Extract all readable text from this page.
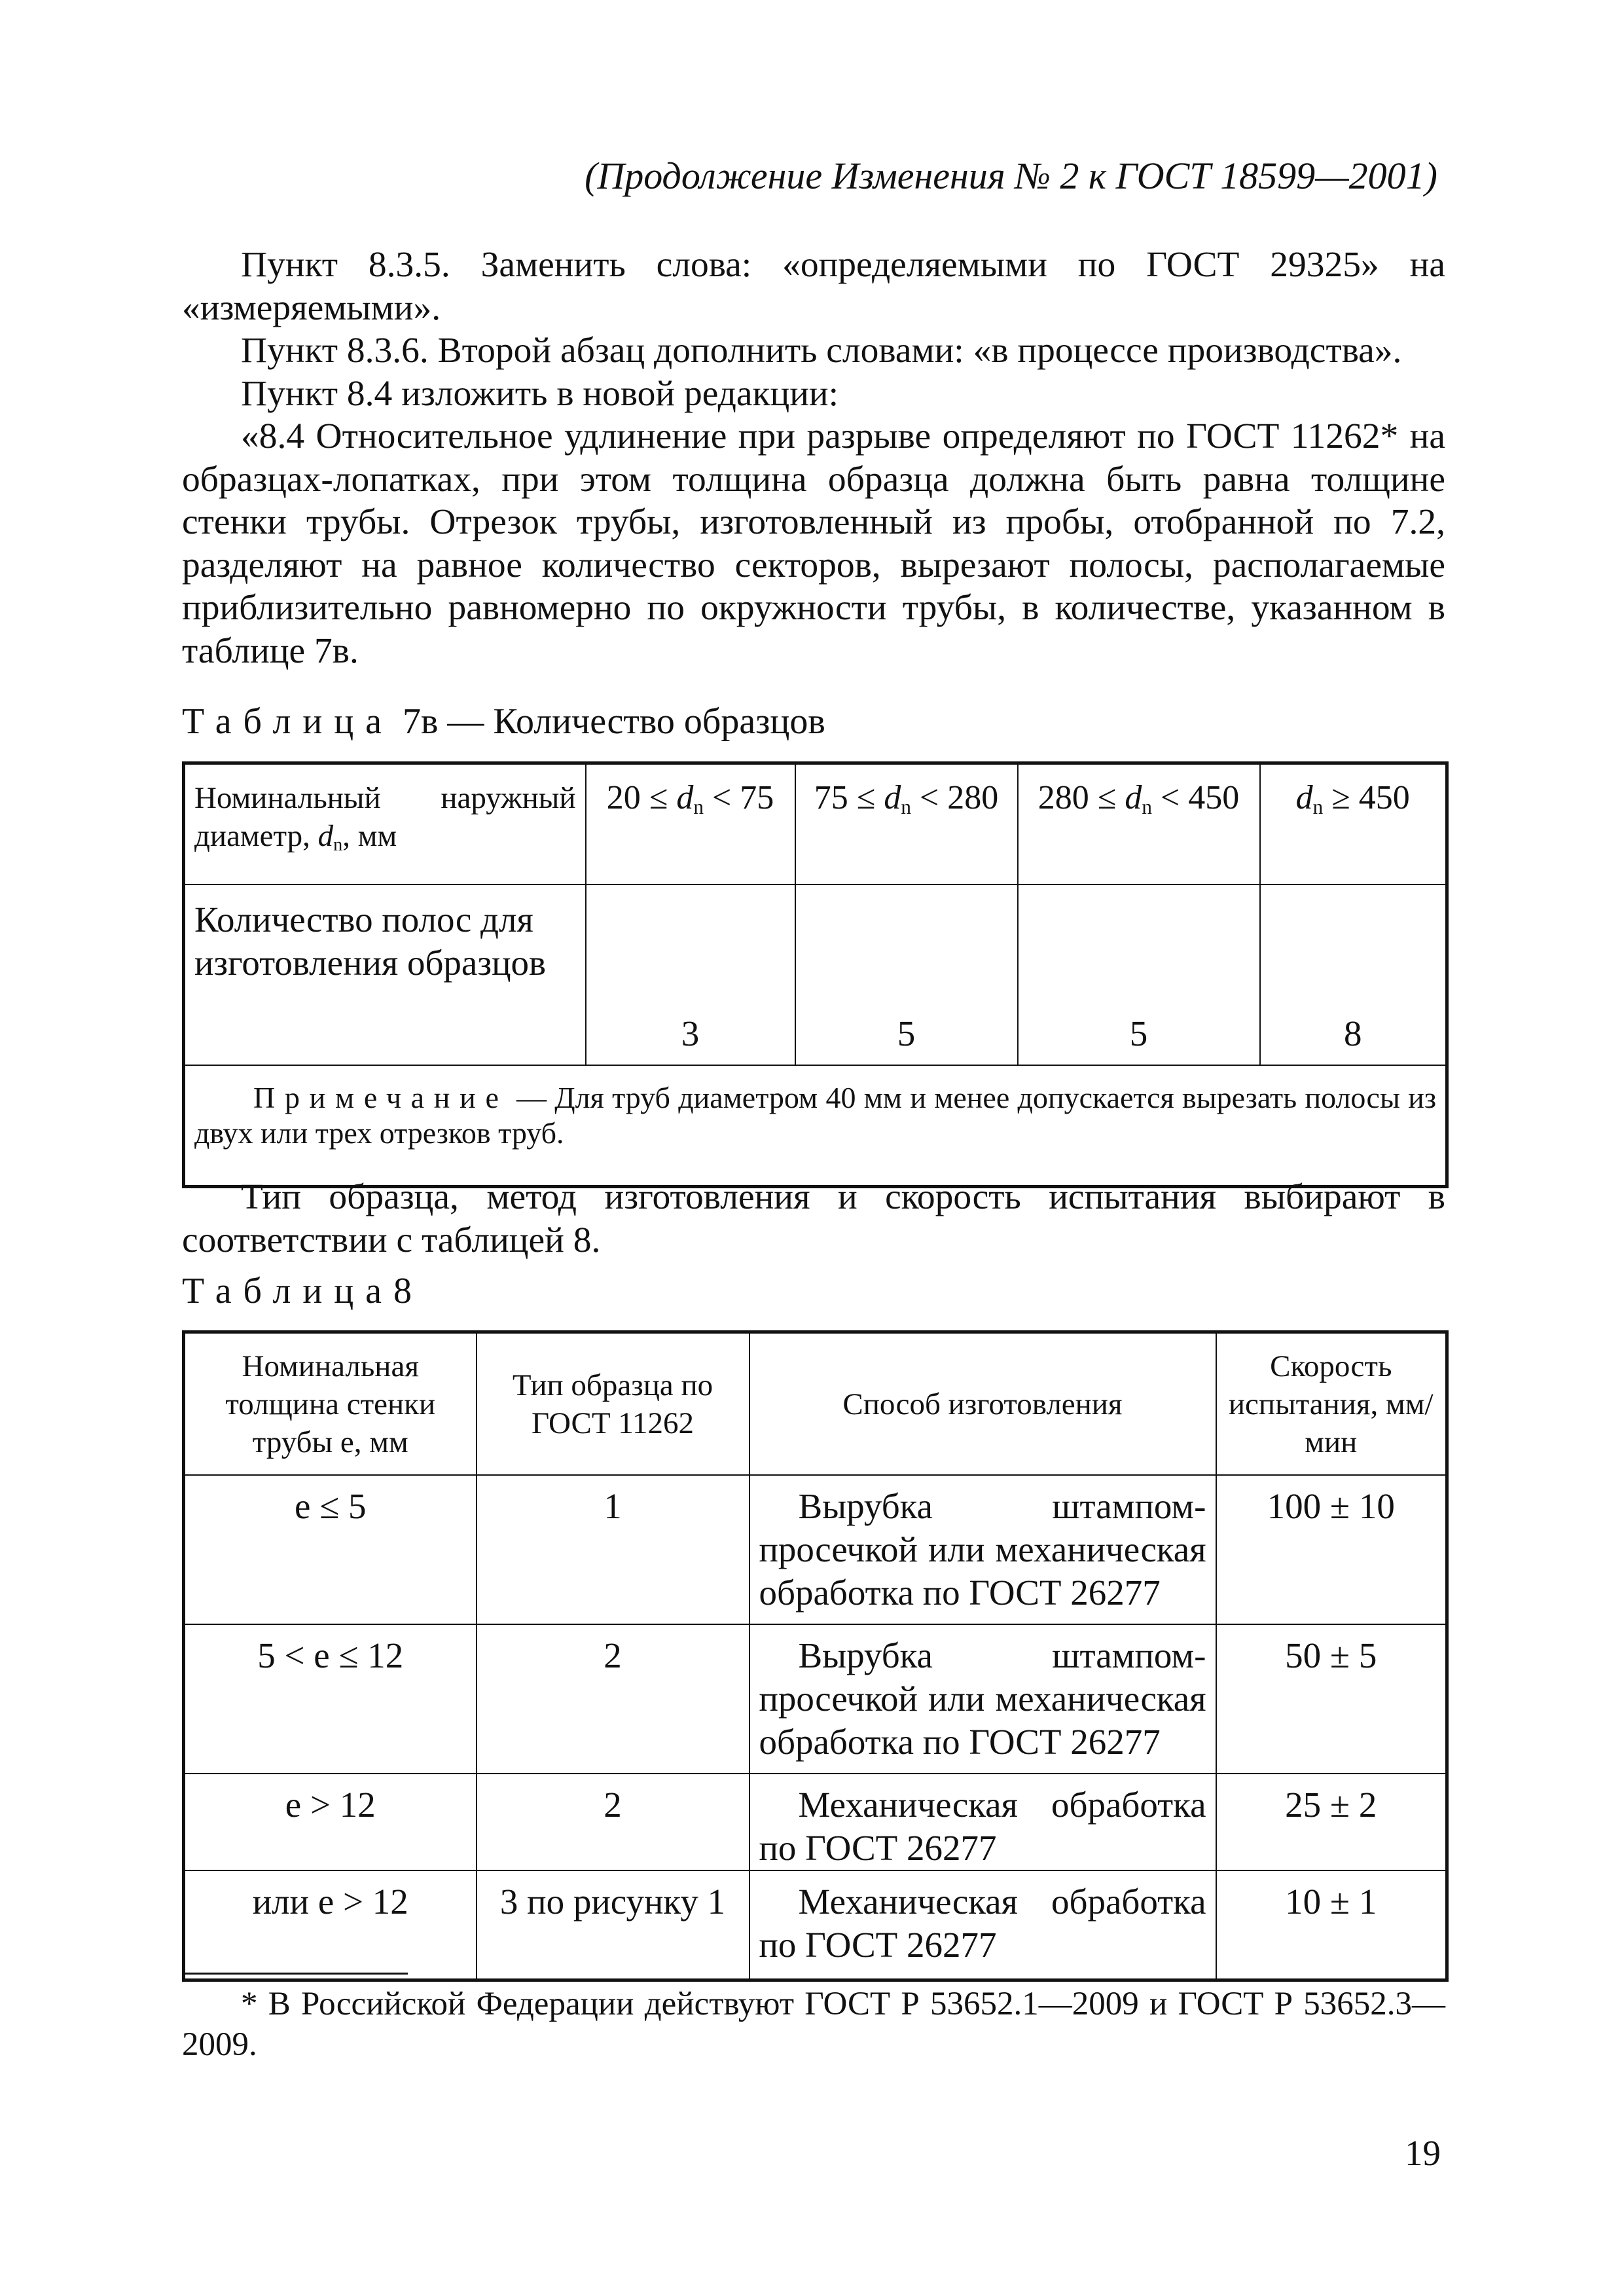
(Продолжение Изменения № 2 к ГОСТ 18599—2001)

Пункт 8.3.5. Заменить слова: «определяемыми по ГОСТ 29325» на «измеряемыми».

Пункт 8.3.6. Второй абзац дополнить словами: «в процессе производства».

Пункт 8.4 изложить в новой редакции:

«8.4 Относительное удлинение при разрыве определяют по ГОСТ 11262* на образцах-лопатках, при этом толщина образца должна быть равна толщине стенки трубы. Отрезок трубы, изготовленный из пробы, отобранной по 7.2, разделяют на равное количество секторов, вырезают полосы, располагаемые приблизительно равномерно по окружности трубы, в количестве, указанном в таблице 7в.

Таблица 7в — Количество образцов
Номинальный наружный диаметр, $d_n$, мм	$20 \le d_n < 75$	$75 \le d_n < 280$	$280 \le d_n < 450$	$d_n \ge 450$
Количество полос для изготовления образцов	3	5	5	8
Примечание — Для труб диаметром 40 мм и менее допускается вырезать полосы из двух или трех отрезков труб.				

Тип образца, метод изготовления и скорость испытания выбирают в соответствии с таблицей 8.

Таблица8
Номинальная толщина стенки трубы e, мм	Тип образца по ГОСТ 11262	Способ изготовления	Скорость испытания, мм/мин
e ≤ 5	1	Вырубка штампом-просечкой или механическая обработка по ГОСТ 26277	100 ± 10
5 < e ≤ 12	2	Вырубка штампом-просечкой или механическая обработка по ГОСТ 26277	50 ± 5
e > 12	2	Механическая обработка по ГОСТ 26277	25 ± 2
или e > 12	3 по рисунку 1	Механическая обработка по ГОСТ 26277	10 ± 1

* В Российской Федерации действуют ГОСТ Р 53652.1—2009 и ГОСТ Р 53652.3—2009.

19
